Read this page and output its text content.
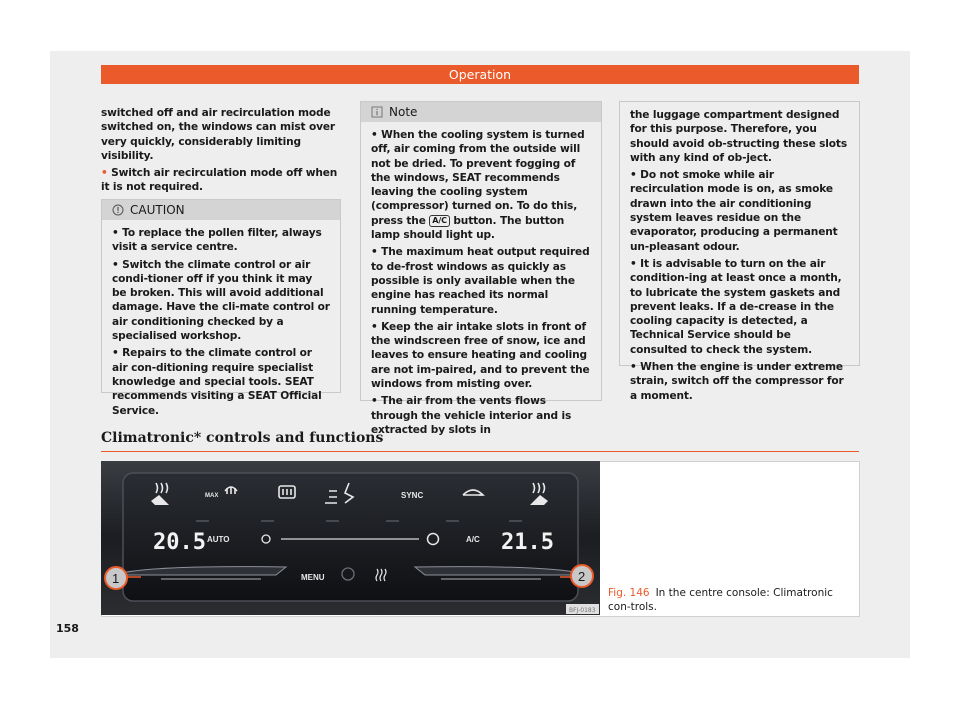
Operation

switched off and air recirculation mode switched on, the windows can mist over very quickly, considerably limiting visibility.

• Switch air recirculation mode off when it is not required.

CAUTION

• To replace the pollen filter, always visit a service centre.

• Switch the climate control or air condi-tioner off if you think it may be broken. This will avoid additional damage. Have the cli-mate control or air conditioning checked by a specialised workshop.

• Repairs to the climate control or air con-ditioning require specialist knowledge and special tools. SEAT recommends visiting a SEAT Official Service.

Note

• When the cooling system is turned off, air coming from the outside will not be dried. To prevent fogging of the windows, SEAT recommends leaving the cooling system (compressor) turned on. To do this, press the A/C button. The button lamp should light up.

• The maximum heat output required to de-frost windows as quickly as possible is only available when the engine has reached its normal running temperature.

• Keep the air intake slots in front of the windscreen free of snow, ice and leaves to ensure heating and cooling are not im-paired, and to prevent the windows from misting over.

• The air from the vents flows through the vehicle interior and is extracted by slots in

the luggage compartment designed for this purpose. Therefore, you should avoid ob-structing these slots with any kind of ob-ject.

• Do not smoke while air recirculation mode is on, as smoke drawn into the air conditioning system leaves residue on the evaporator, producing a permanent un-pleasant odour.

• It is advisable to turn on the air condition-ing at least once a month, to lubricate the system gaskets and prevent leaks. If a de-crease in the cooling capacity is detected, a Technical Service should be consulted to check the system.

• When the engine is under extreme strain, switch off the compressor for a moment.

Climatronic* controls and functions
MAX	SYNC
20.5	21.5
AUTO	A/C
MENU
1	2
BFJ-0183
Fig. 146 In the centre console: Climatronic con-trols.
158
